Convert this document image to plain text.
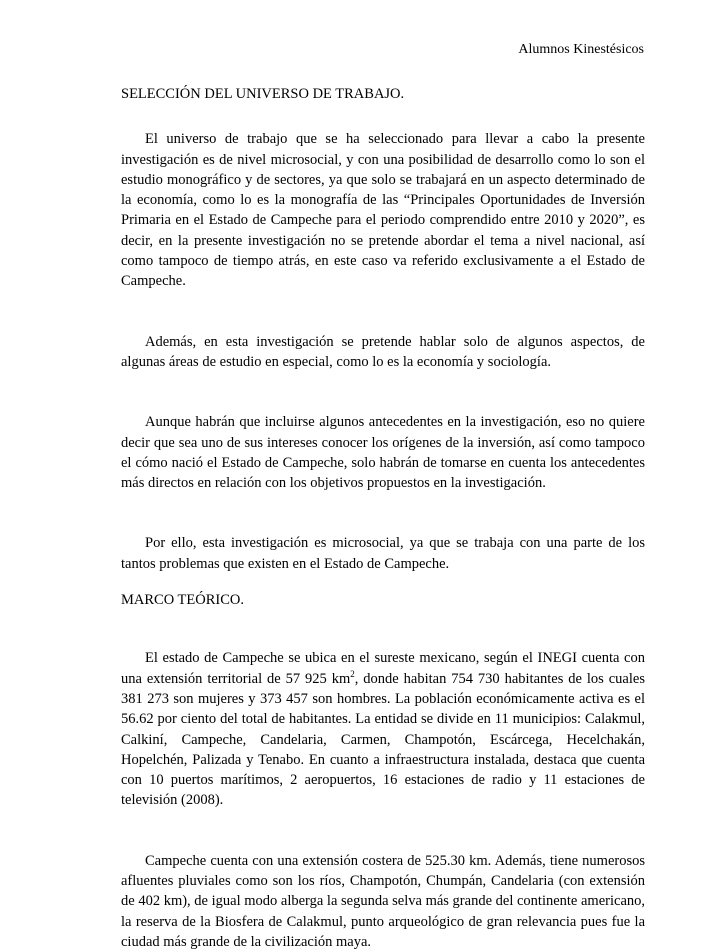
Alumnos Kinestésicos
SELECCIÓN DEL UNIVERSO DE TRABAJO.

El universo de trabajo que se ha seleccionado para llevar a cabo la presente investigación es de nivel microsocial, y con una posibilidad de desarrollo como lo son el estudio monográfico y de sectores, ya que solo se trabajará en un aspecto determinado de la economía, como lo es la monografía de las “Principales Oportunidades de Inversión Primaria en el Estado de Campeche para el periodo comprendido entre 2010 y 2020”, es decir, en la presente investigación no se pretende abordar el tema a nivel nacional, así como tampoco de tiempo atrás, en este caso va referido exclusivamente a el Estado de Campeche.

Además, en esta investigación se pretende hablar solo de algunos aspectos, de algunas áreas de estudio en especial, como lo es la economía y sociología.

Aunque habrán que incluirse algunos antecedentes en la investigación, eso no quiere decir que sea uno de sus intereses conocer los orígenes de la inversión, así como tampoco el cómo nació el Estado de Campeche, solo habrán de tomarse en cuenta los antecedentes más directos en relación con los objetivos propuestos en la investigación.

Por ello, esta investigación es microsocial, ya que se trabaja con una parte de los tantos problemas que existen en el Estado de Campeche.

MARCO TEÓRICO.

El estado de Campeche se ubica en el sureste mexicano, según el INEGI cuenta con una extensión territorial de 57 925 $km^2$, donde habitan 754 730 habitantes de los cuales 381 273 son mujeres y 373 457 son hombres. La población económicamente activa es el 56.62 por ciento del total de habitantes. La entidad se divide en 11 municipios: Calakmul, Calkiní, Campeche, Candelaria, Carmen, Champotón, Escárcega, Hecelchakán, Hopelchén, Palizada y Tenabo. En cuanto a infraestructura instalada, destaca que cuenta con 10 puertos marítimos, 2 aeropuertos, 16 estaciones de radio y 11 estaciones de televisión (2008).

Campeche cuenta con una extensión costera de 525.30 km. Además, tiene numerosos afluentes pluviales como son los ríos, Champotón, Chumpán, Candelaria (con extensión de 402 km), de igual modo alberga la segunda selva más grande del continente americano, la reserva de la Biosfera de Calakmul, punto arqueológico de gran relevancia pues fue la ciudad más grande de la civilización maya.
